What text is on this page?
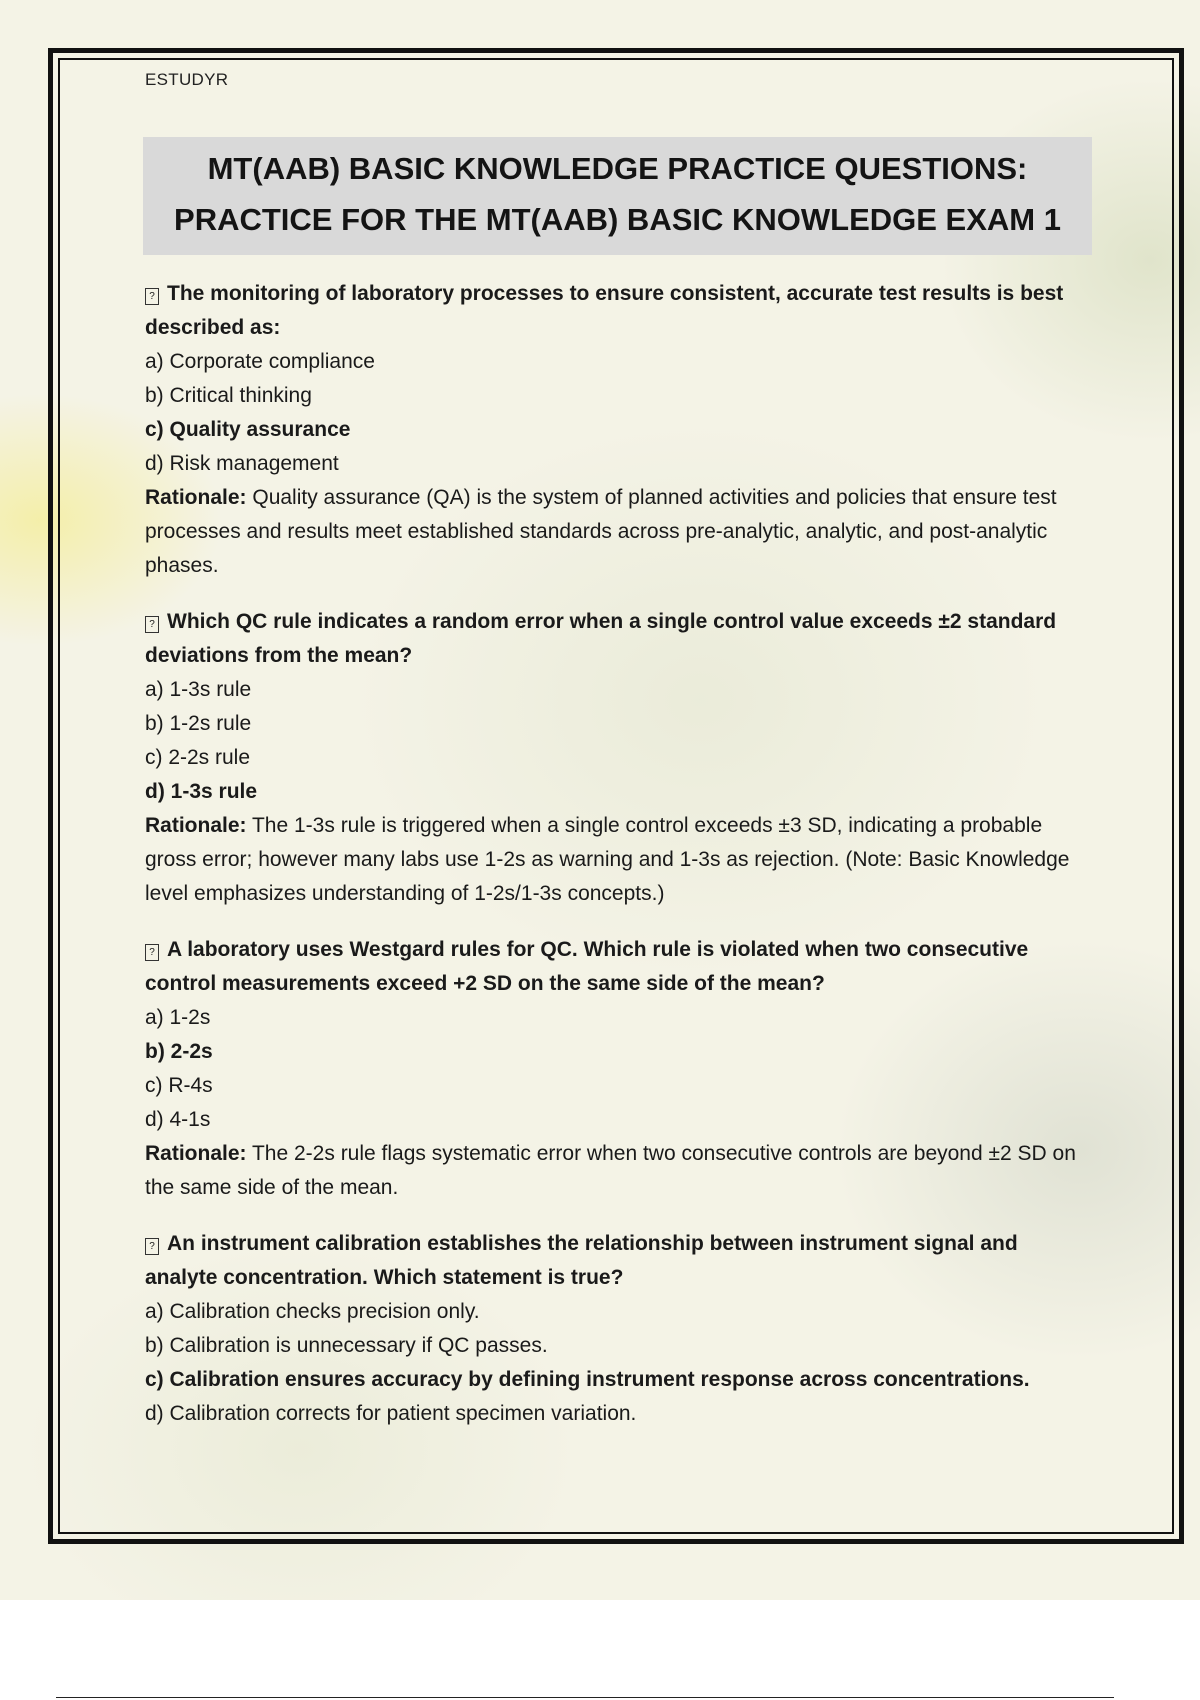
ESTUDYR
MT(AAB) BASIC KNOWLEDGE PRACTICE QUESTIONS: PRACTICE FOR THE MT(AAB) BASIC KNOWLEDGE EXAM 1
? The monitoring of laboratory processes to ensure consistent, accurate test results is best described as:
a) Corporate compliance
b) Critical thinking
c) Quality assurance
d) Risk management
Rationale: Quality assurance (QA) is the system of planned activities and policies that ensure test processes and results meet established standards across pre-analytic, analytic, and post-analytic phases.
? Which QC rule indicates a random error when a single control value exceeds ±2 standard deviations from the mean?
a) 1-3s rule
b) 1-2s rule
c) 2-2s rule
d) 1-3s rule
Rationale: The 1-3s rule is triggered when a single control exceeds ±3 SD, indicating a probable gross error; however many labs use 1-2s as warning and 1-3s as rejection. (Note: Basic Knowledge level emphasizes understanding of 1-2s/1-3s concepts.)
? A laboratory uses Westgard rules for QC. Which rule is violated when two consecutive control measurements exceed +2 SD on the same side of the mean?
a) 1-2s
b) 2-2s
c) R-4s
d) 4-1s
Rationale: The 2-2s rule flags systematic error when two consecutive controls are beyond ±2 SD on the same side of the mean.
? An instrument calibration establishes the relationship between instrument signal and analyte concentration. Which statement is true?
a) Calibration checks precision only.
b) Calibration is unnecessary if QC passes.
c) Calibration ensures accuracy by defining instrument response across concentrations.
d) Calibration corrects for patient specimen variation.
